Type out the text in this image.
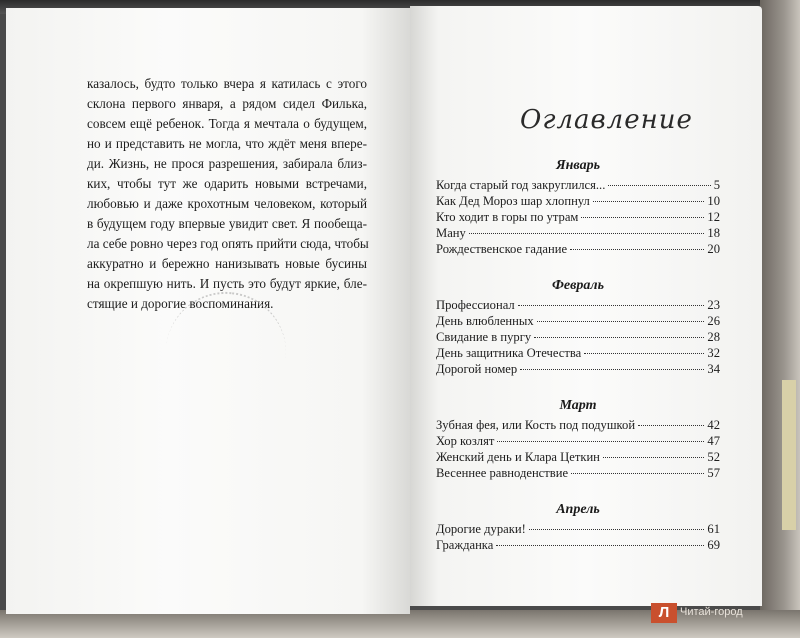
казалось, будто только вчера я катилась с этого
склона первого января, а рядом сидел Филька,
совсем ещё ребенок. Тогда я мечтала о будущем,
но и представить не могла, что ждёт меня впере-
ди. Жизнь, не прося разрешения, забирала близ-
ких, чтобы тут же одарить новыми встречами,
любовью и даже крохотным человеком, который
в будущем году впервые увидит свет. Я пообеща-
ла себе ровно через год опять прийти сюда, чтобы
аккуратно и бережно нанизывать новые бусины
на окрепшую нить. И пусть это будут яркие, бле-
стящие и дорогие воспоминания.

Оглавление
Январь
Когда старый год закруглился...	5
Как Дед Мороз шар хлопнул	10
Кто ходит в горы по утрам	12
Ману	18
Рождественское гадание	20
Февраль
Профессионал	23
День влюбленных	26
Свидание в пургу	28
День защитника Отечества	32
Дорогой номер	34
Март
Зубная фея, или Кость под подушкой	42
Хор козлят	47
Женский день и Клара Цеткин	52
Весеннее равноденствие	57
Апрель
Дорогие дураки!	61
Гражданка	69
Л Читай-город
